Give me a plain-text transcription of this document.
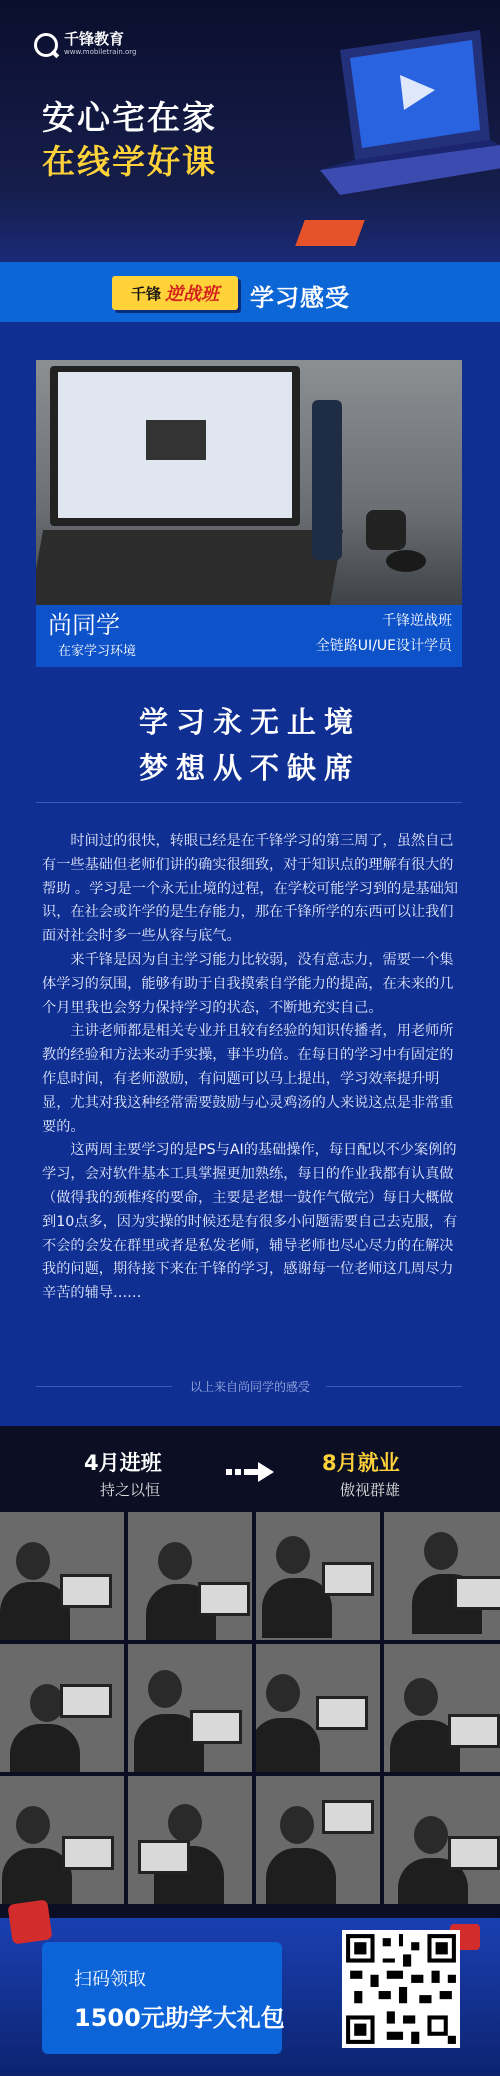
千锋教育
www.mobiletrain.org
安心宅在家
在线学好课
千锋 逆战班 学习感受
尚同学
在家学习环境
千锋逆战班
全链路UI/UE设计学员
学习永无止境
梦想从不缺席

时间过的很快，转眼已经是在千锋学习的第三周了，虽然自己有一些基础但老师们讲的确实很细致，对于知识点的理解有很大的帮助 。学习是一个永无止境的过程，在学校可能学习到的是基础知识，在社会或许学的是生存能力，那在千锋所学的东西可以让我们面对社会时多一些从容与底气。

来千锋是因为自主学习能力比较弱，没有意志力，需要一个集体学习的氛围，能够有助于自我摸索自学能力的提高，在未来的几个月里我也会努力保持学习的状态，不断地充实自己。

主讲老师都是相关专业并且较有经验的知识传播者，用老师所教的经验和方法来动手实操，事半功倍。在每日的学习中有固定的作息时间，有老师激励，有问题可以马上提出，学习效率提升明显，尤其对我这种经常需要鼓励与心灵鸡汤的人来说这点是非常重要的。

这两周主要学习的是PS与AI的基础操作，每日配以不少案例的学习，会对软件基本工具掌握更加熟练，每日的作业我都有认真做（做得我的颈椎疼的要命，主要是老想一鼓作气做完）每日大概做到10点多，因为实操的时候还是有很多小问题需要自己去克服，有不会的会发在群里或者是私发老师，辅导老师也尽心尽力的在解决我的问题，期待接下来在千锋的学习，感谢每一位老师这几周尽力辛苦的辅导……

以上来自尚同学的感受
4月进班
持之以恒
8月就业
傲视群雄
扫码领取
1500元助学大礼包
